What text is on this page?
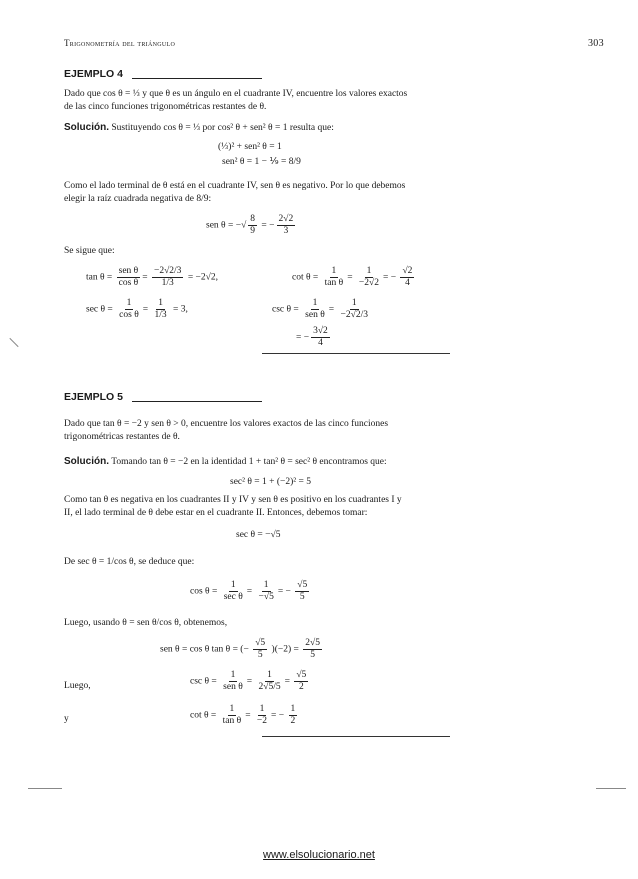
Trigonometría del triángulo	303
EJEMPLO 4
Dado que cos θ = ⅓ y que θ es un ángulo en el cuadrante IV, encuentre los valores exactos
de las cinco funciones trigonométricas restantes de θ.
Solución. Sustituyendo cos θ = ⅓ por cos² θ + sen² θ = 1 resulta que:
(⅓)² + sen² θ = 1
sen² θ = 1 − ⅑ = 8/9
Como el lado terminal de θ está en el cuadrante IV, sen θ es negativo. Por lo que debemos
elegir la raíz cuadrada negativa de 8/9:
sen θ = −√ $\frac{8}{9}$ = − $\frac{2√2}{3}$
Se sigue que:
$\tan \theta = \frac{\text{sen θ}}{\text{cos θ}} = \frac{-2√2/3}{1/3} = -2√2$,	$\cot \theta = \frac{1}{\text{tan θ}} = \frac{1}{-2√2}$ = − $\frac{√2}{4}$
$\sec \theta = \frac{1}{\text{cos θ}} = \frac{1}{1/3} = 3$,	$\csc \theta = \frac{1}{\text{sen θ}} = \frac{1}{-2√2/3}$
= − $\frac{3√2}{4}$
EJEMPLO 5
Dado que tan θ = −2 y sen θ > 0, encuentre los valores exactos de las cinco funciones
trigonométricas restantes de θ.
Solución. Tomando tan θ = −2 en la identidad 1 + tan² θ = sec² θ encontramos que:
sec² θ = 1 + (−2)² = 5
Como tan θ es negativa en los cuadrantes II y IV y sen θ es positivo en los cuadrantes I y
II, el lado terminal de θ debe estar en el cuadrante II. Entonces, debemos tomar:
sec θ = −√5
De sec θ = 1/cos θ, se deduce que:
$\cos \theta = \frac{1}{\text{sec θ}} = \frac{1}{-√5}$ = − $\frac{√5}{5}$
Luego, usando θ = sen θ/cos θ, obtenemos,
sen θ = cos θ tan θ = (− $\frac{√5}{5} )(-2) = \frac{2√5}{5}$
Luego,	$\csc \theta = \frac{1}{\text{sen θ}} = \frac{1}{2√5/5} = \frac{√5}{2}$
y	$\cot \theta = \frac{1}{\text{tan θ}} = \frac{1}{-2}$ = − $\frac{1}{2}$
www.elsolucionario.net
